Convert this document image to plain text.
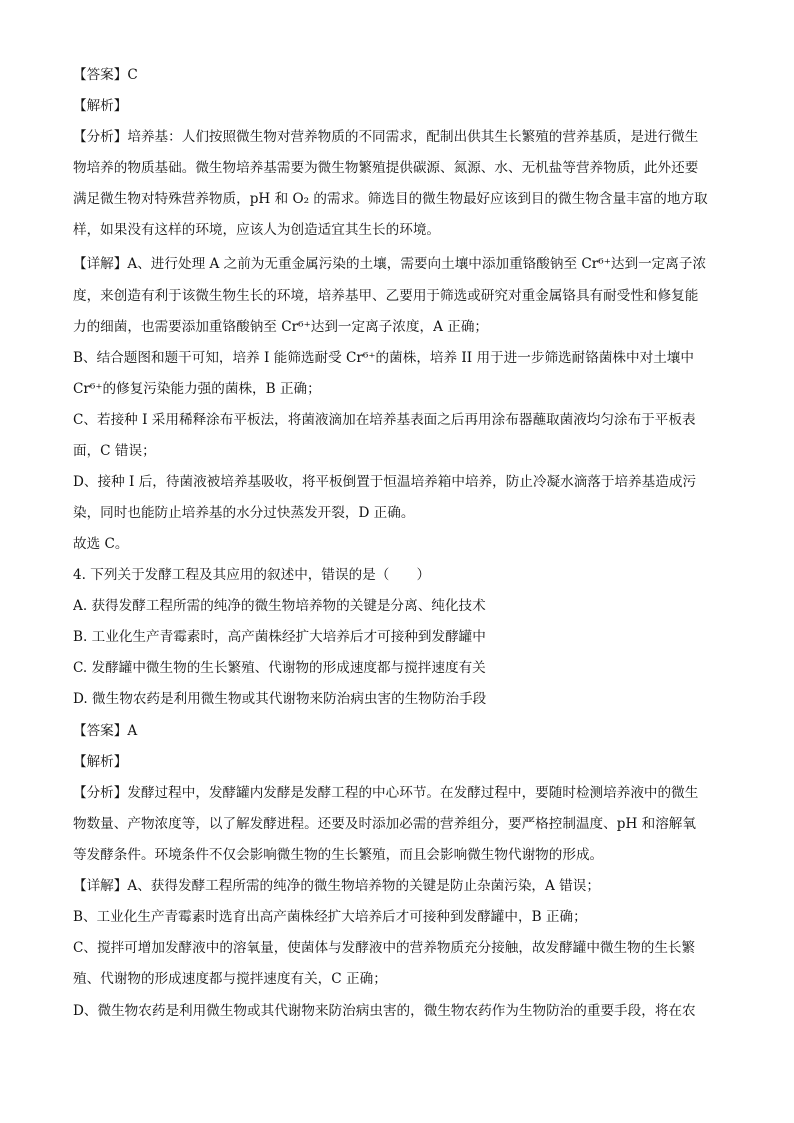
【答案】C
【解析】
【分析】培养基：人们按照微生物对营养物质的不同需求，配制出供其生长繁殖的营养基质，是进行微生
物培养的物质基础。微生物培养基需要为微生物繁殖提供碳源、氮源、水、无机盐等营养物质，此外还要
满足微生物对特殊营养物质，pH 和 O₂ 的需求。筛选目的微生物最好应该到目的微生物含量丰富的地方取
样，如果没有这样的环境，应该人为创造适宜其生长的环境。
【详解】A、进行处理 A 之前为无重金属污染的土壤，需要向土壤中添加重铬酸钠至 Cr⁶⁺达到一定离子浓
度，来创造有利于该微生物生长的环境，培养基甲、乙要用于筛选或研究对重金属铬具有耐受性和修复能
力的细菌，也需要添加重铬酸钠至 Cr⁶⁺达到一定离子浓度，A 正确；
B、结合题图和题干可知，培养 I 能筛选耐受 Cr⁶⁺的菌株，培养 II 用于进一步筛选耐铬菌株中对土壤中
Cr⁶⁺的修复污染能力强的菌株，B 正确；
C、若接种 I 采用稀释涂布平板法，将菌液滴加在培养基表面之后再用涂布器蘸取菌液均匀涂布于平板表
面，C 错误；
D、接种 I 后，待菌液被培养基吸收，将平板倒置于恒温培养箱中培养，防止冷凝水滴落于培养基造成污
染，同时也能防止培养基的水分过快蒸发开裂，D 正确。
故选 C。
4. 下列关于发酵工程及其应用的叙述中，错误的是（　　）
A. 获得发酵工程所需的纯净的微生物培养物的关键是分离、纯化技术
B. 工业化生产青霉素时，高产菌株经扩大培养后才可接种到发酵罐中
C. 发酵罐中微生物的生长繁殖、代谢物的形成速度都与搅拌速度有关
D. 微生物农药是利用微生物或其代谢物来防治病虫害的生物防治手段
【答案】A
【解析】
【分析】发酵过程中，发酵罐内发酵是发酵工程的中心环节。在发酵过程中，要随时检测培养液中的微生
物数量、产物浓度等，以了解发酵进程。还要及时添加必需的营养组分，要严格控制温度、pH 和溶解氧
等发酵条件。环境条件不仅会影响微生物的生长繁殖，而且会影响微生物代谢物的形成。
【详解】A、获得发酵工程所需的纯净的微生物培养物的关键是防止杂菌污染，A 错误；
B、工业化生产青霉素时选育出高产菌株经扩大培养后才可接种到发酵罐中，B 正确；
C、搅拌可增加发酵液中的溶氧量，使菌体与发酵液中的营养物质充分接触，故发酵罐中微生物的生长繁
殖、代谢物的形成速度都与搅拌速度有关，C 正确；
D、微生物农药是利用微生物或其代谢物来防治病虫害的，微生物农药作为生物防治的重要手段，将在农
